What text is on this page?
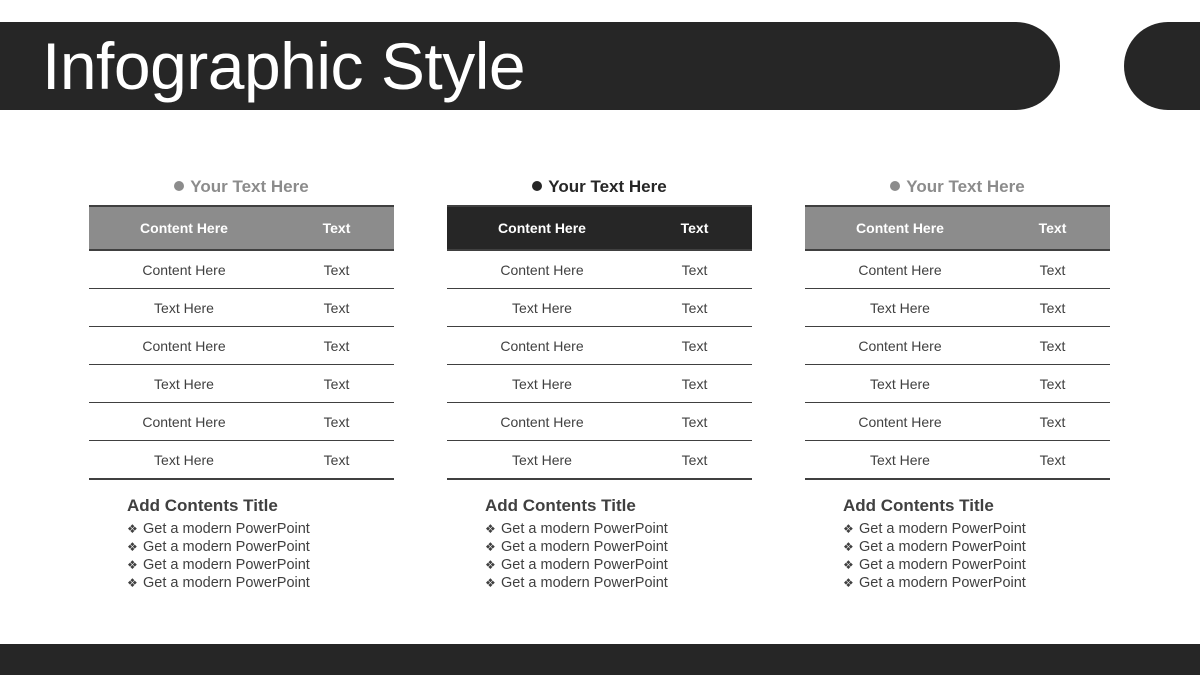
Infographic Style
Your Text Here
Content Here	Text
Content Here	Text
Text Here	Text
Content Here	Text
Text Here	Text
Content Here	Text
Text Here	Text
Add Contents Title
❖ Get a modern PowerPoint
❖ Get a modern PowerPoint
❖ Get a modern PowerPoint
❖ Get a modern PowerPoint
Your Text Here
Content Here	Text
Content Here	Text
Text Here	Text
Content Here	Text
Text Here	Text
Content Here	Text
Text Here	Text
Add Contents Title
❖ Get a modern PowerPoint
❖ Get a modern PowerPoint
❖ Get a modern PowerPoint
❖ Get a modern PowerPoint
Your Text Here
Content Here	Text
Content Here	Text
Text Here	Text
Content Here	Text
Text Here	Text
Content Here	Text
Text Here	Text
Add Contents Title
❖ Get a modern PowerPoint
❖ Get a modern PowerPoint
❖ Get a modern PowerPoint
❖ Get a modern PowerPoint
